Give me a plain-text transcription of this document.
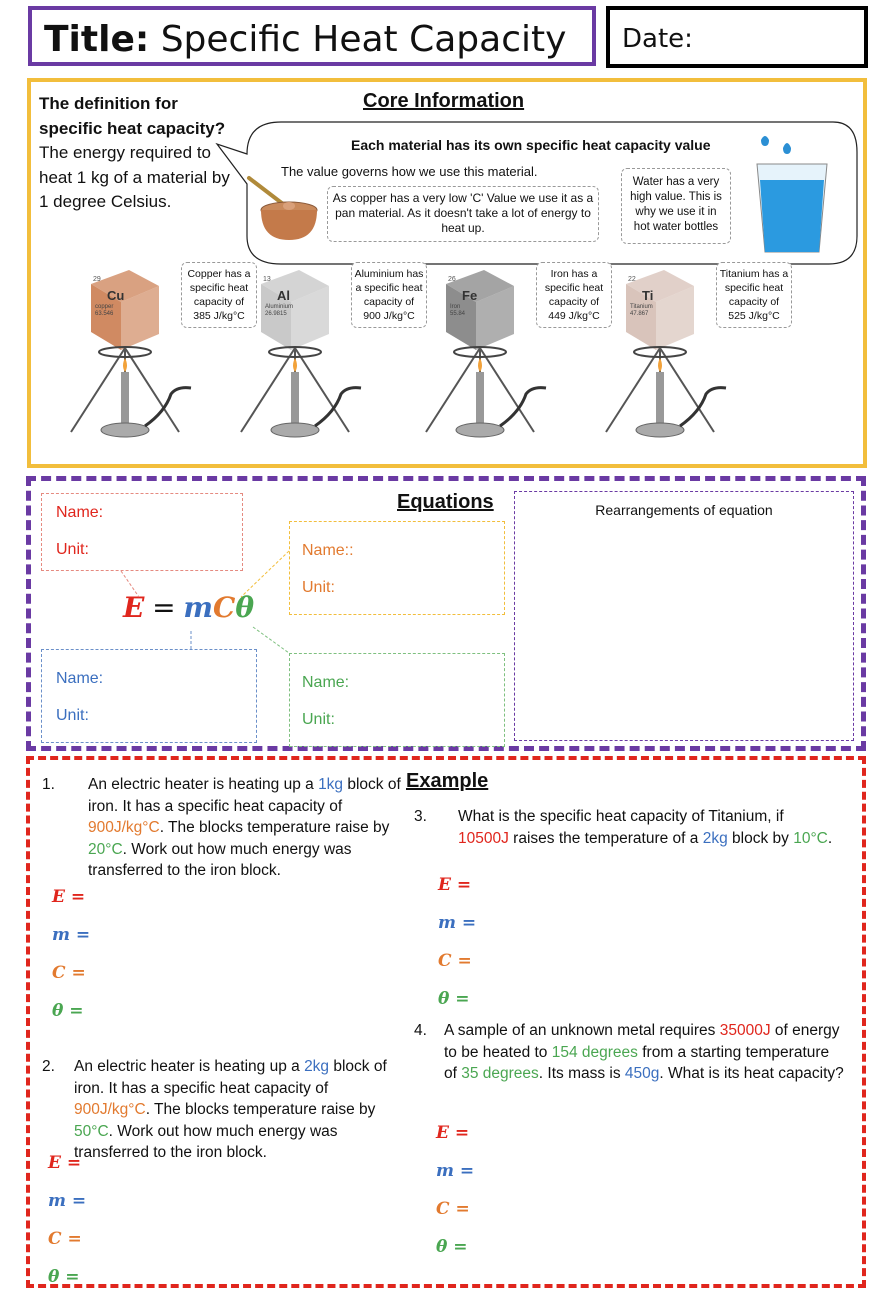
Title: Specific Heat Capacity Date:
The definition for specific heat capacity?
The energy required to heat 1 kg of a material by 1 degree Celsius.
Core Information
Each material has its own specific heat capacity value
The value governs how we use this material.
As copper has a very low 'C' Value we use it as a pan material. As it doesn't take a lot of energy to heat up.
Water has a very high value. This is why we use it in hot water bottles
Cu
29
copper
63.546
Copper has a specific heat capacity of 385 J/kg°C
Al
13
Aluminium
26.9815
Aluminium has a specific heat capacity of 900 J/kg°C
Fe
26
Iron
55.84
Iron has a specific heat capacity of 449 J/kg°C
Ti
22
Titanium
47.867
Titanium has a specific heat capacity of 525 J/kg°C
Equations	Rearrangements of equation
Name:
Unit:	Name::
Unit:
E = mCθ
Name:
Unit:
Name:
Unit:
Example
1. An electric heater is heating up a 1kg block of iron. It has a specific heat capacity of 900J/kg°C. The blocks temperature raise by 20°C. Work out how much energy was transferred to the iron block.
E =
m =
C =
θ =
2. An electric heater is heating up a 2kg block of iron. It has a specific heat capacity of 900J/kg°C. The blocks temperature raise by 50°C. Work out how much energy was transferred to the iron block.
E =
m =
C =
θ =
3. What is the specific heat capacity of Titanium, if 10500J raises the temperature of a 2kg block by 10°C.
E =
m =
C =
θ =
4. A sample of an unknown metal requires 35000J of energy to be heated to 154 degrees from a starting temperature of 35 degrees. Its mass is 450g. What is its heat capacity?
E =
m =
C =
θ =
